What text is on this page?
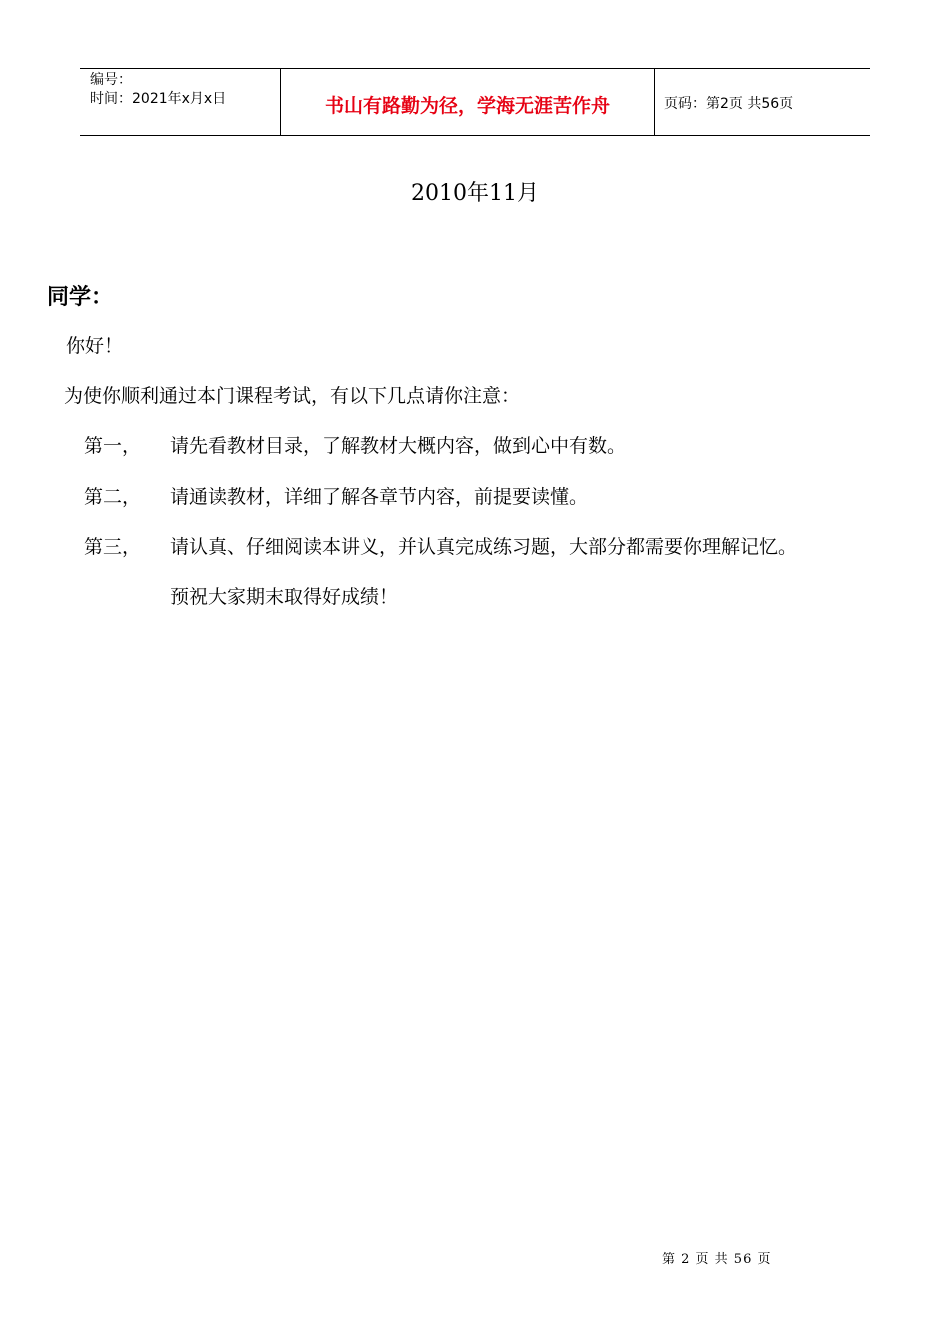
编号：
时间：2021年x月x日	书山有路勤为径，学海无涯苦作舟	页码：第2页 共56页
2010年11月
同学：
你好！
为使你顺利通过本门课程考试，有以下几点请你注意：
第一， 请先看教材目录，了解教材大概内容，做到心中有数。
第二， 请通读教材，详细了解各章节内容，前提要读懂。
第三， 请认真、仔细阅读本讲义，并认真完成练习题，大部分都需要你理解记忆。
预祝大家期末取得好成绩！
第 2 页 共 56 页
